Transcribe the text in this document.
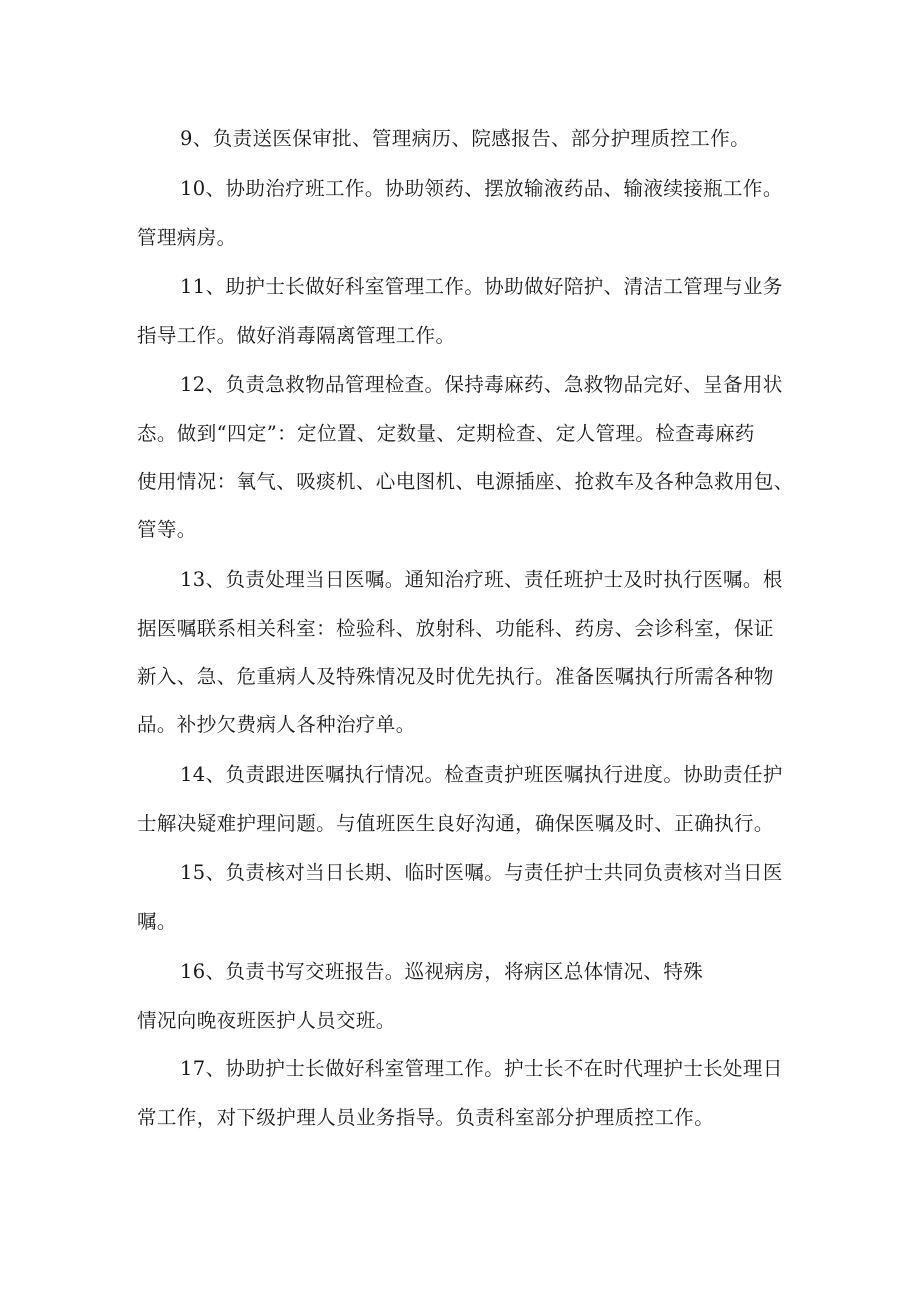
9、负责送医保审批、管理病历、院感报告、部分护理质控工作。
10、协助治疗班工作。协助领药、摆放输液药品、输液续接瓶工作。
管理病房。
11、助护士长做好科室管理工作。协助做好陪护、清洁工管理与业务
指导工作。做好消毒隔离管理工作。
12、负责急救物品管理检查。保持毒麻药、急救物品完好、呈备用状
态。做到“四定”：定位置、定数量、定期检查、定人管理。检查毒麻药
使用情况：氧气、吸痰机、心电图机、电源插座、抢救车及各种急救用包、
管等。
13、负责处理当日医嘱。通知治疗班、责任班护士及时执行医嘱。根
据医嘱联系相关科室：检验科、放射科、功能科、药房、会诊科室，保证
新入、急、危重病人及特殊情况及时优先执行。准备医嘱执行所需各种物
品。补抄欠费病人各种治疗单。
14、负责跟进医嘱执行情况。检查责护班医嘱执行进度。协助责任护
士解决疑难护理问题。与值班医生良好沟通，确保医嘱及时、正确执行。
15、负责核对当日长期、临时医嘱。与责任护士共同负责核对当日医
嘱。
16、负责书写交班报告。巡视病房，将病区总体情况、特殊
情况向晚夜班医护人员交班。
17、协助护士长做好科室管理工作。护士长不在时代理护士长处理日
常工作，对下级护理人员业务指导。负责科室部分护理质控工作。
